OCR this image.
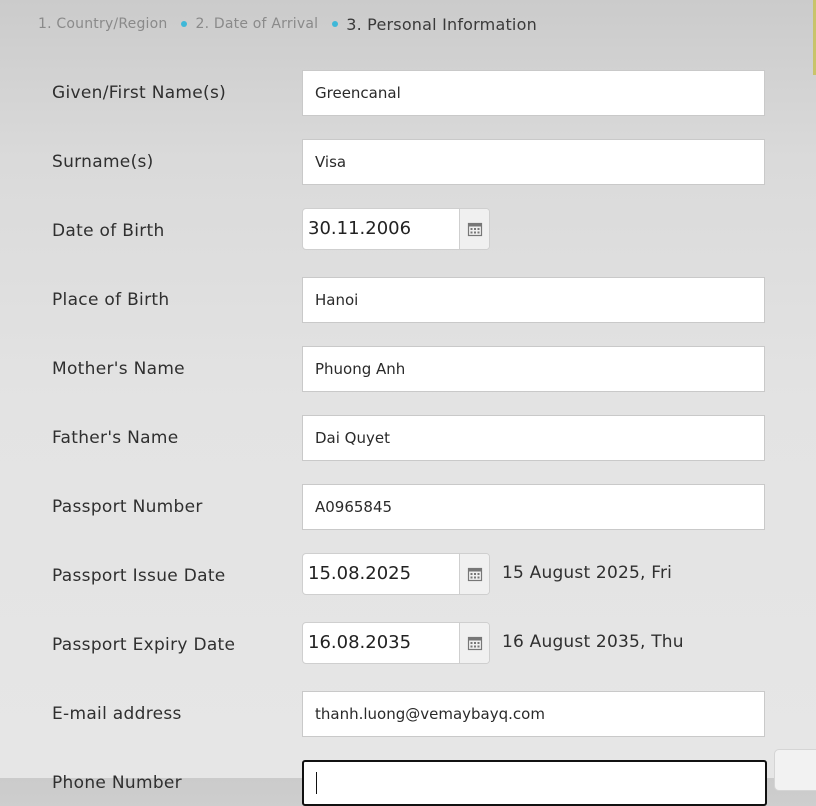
1. Country/Region 2. Date of Arrival 3. Personal Information
Given/First Name(s)	Greencanal
Surname(s)	Visa
Date of Birth	30.11.2006
Place of Birth	Hanoi
Mother's Name	Phuong Anh
Father's Name	Dai Quyet
Passport Number	A0965845
Passport Issue Date	15.08.2025	15 August 2025, Fri
Passport Expiry Date	16.08.2035	16 August 2035, Thu
E-mail address	thanh.luong@vemaybayq.com
Phone Number
